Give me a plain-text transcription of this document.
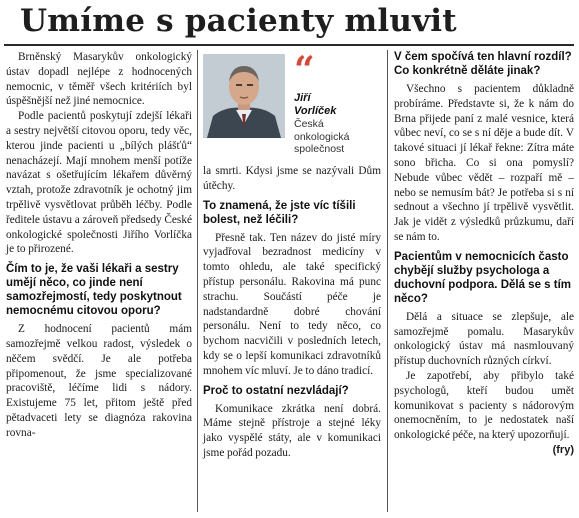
Umíme s pacienty mluvit

Brněnský Masarykův onkologický ústav dopadl nejlépe z hodnocených nemocnic, v těměř všech kritériích byl úspěšnější než jiné nemocnice.

Podle pacientů poskytují zdejší lékaři a sestry největší citovou oporu, tedy věc, kterou jinde pacienti u „bílých plášťů“ nenacházejí. Mají mnohem menší potíže navázat s ošetřujícím lékařem důvěrný vztah, protože zdravotník je ochotný jim trpělivě vysvětlovat průběh léčby. Podle ředitele ústavu a zároveň předsedy České onkologické společnosti Jiřího Vorlíčka je to přirozené.

Čím to je, že vaši lékaři a sestry umějí něco, co jinde není samozřejmostí, tedy poskytnout nemocnému citovou oporu?

Z hodnocení pacientů mám samozřejmě velkou radost, výsledek o něčem svědčí. Je ale potřeba připomenout, že jsme specializované pracoviště, léčíme lidi s nádory. Existujeme 75 let, přitom ještě před pětadvaceti lety se diagnóza rakovina rovna-

“
Jiří
Vorlíček
Česká onkologická
společnost

la smrti. Kdysi jsme se nazývali Dům útěchy.

To znamená, že jste víc tíšili bolest, než léčili?

Přesně tak. Ten název do jisté míry vyjadřoval bezradnost medicíny v tomto ohledu, ale také specifický přístup personálu. Rakovina má punc strachu. Součástí péče je nadstandardně dobré chování personálu. Není to tedy něco, co bychom nacvičili v posledních letech, kdy se o lepší komunikaci zdravotníků mnohem víc mluví. Je to dáno tradicí.

Proč to ostatní nezvládají?

Komunikace zkrátka není dobrá. Máme stejně přístroje a stejné léky jako vyspělé státy, ale v komunikaci jsme pořád pozadu.

V čem spočívá ten hlavní rozdíl? Co konkrétně děláte jinak?

Všechno s pacientem důkladně probíráme. Představte si, že k nám do Brna přijede paní z malé vesnice, která vůbec neví, co se s ní děje a bude dít. V takové situaci jí lékař řekne: Zítra máte sono břicha. Co si ona pomyslí? Nebude vůbec vědět – rozpaří mě – nebo se nemusím bát? Je potřeba si s ní sednout a všechno jí trpělivě vysvětlit. Jak je vidět z výsledků průzkumu, daří se nám to.

Pacientům v nemocnicích často chybějí služby psychologa a duchovní podpora. Dělá se s tím něco?

Dělá a situace se zlepšuje, ale samozřejmě pomalu. Masarykův onkologický ústav má nasmlouvaný přístup duchovních různých církví.

Je zapotřebí, aby přibylo také psychologů, kteří budou umět komunikovat s pacienty s nádorovým onemocněním, to je nedostatek naší onkologické péče, na který upozorňují.
(fry)
